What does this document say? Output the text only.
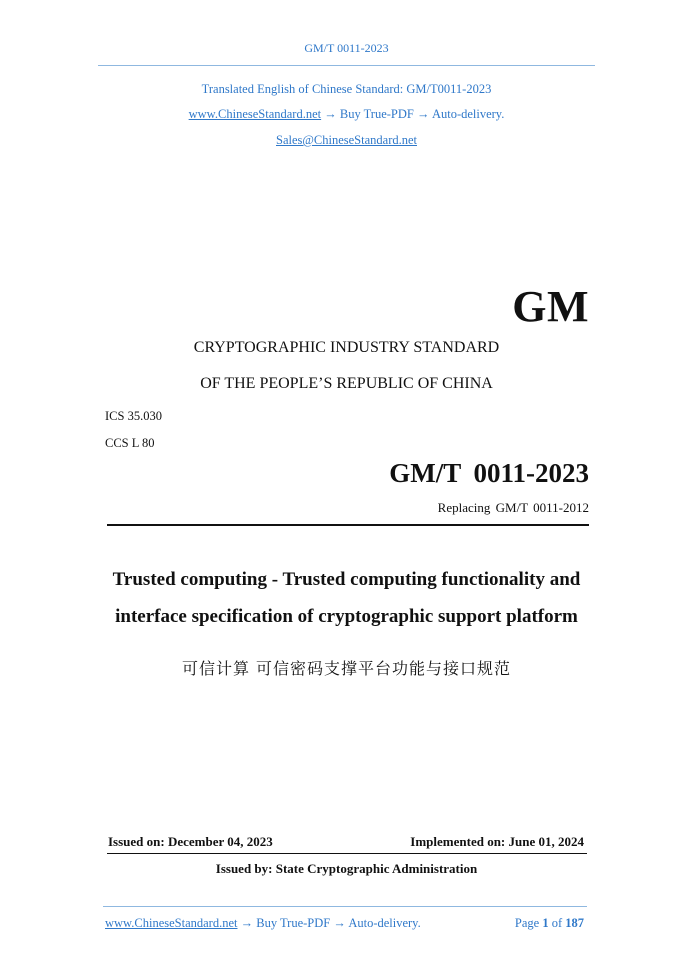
GM/T 0011-2023
Translated English of Chinese Standard: GM/T0011-2023
www.ChineseStandard.net → Buy True-PDF → Auto-delivery.
Sales@ChineseStandard.net
GM
CRYPTOGRAPHIC INDUSTRY STANDARD
OF THE PEOPLE’S REPUBLIC OF CHINA
ICS 35.030
CCS L 80
GM/T 0011-2023
Replacing GM/T 0011-2012
Trusted computing - Trusted computing functionality and
interface specification of cryptographic support platform
可信计算 可信密码支撑平台功能与接口规范
Issued on: December 04, 2023	Implemented on: June 01, 2024
Issued by: State Cryptographic Administration
www.ChineseStandard.net → Buy True-PDF → Auto-delivery.	Page 1 of 187
